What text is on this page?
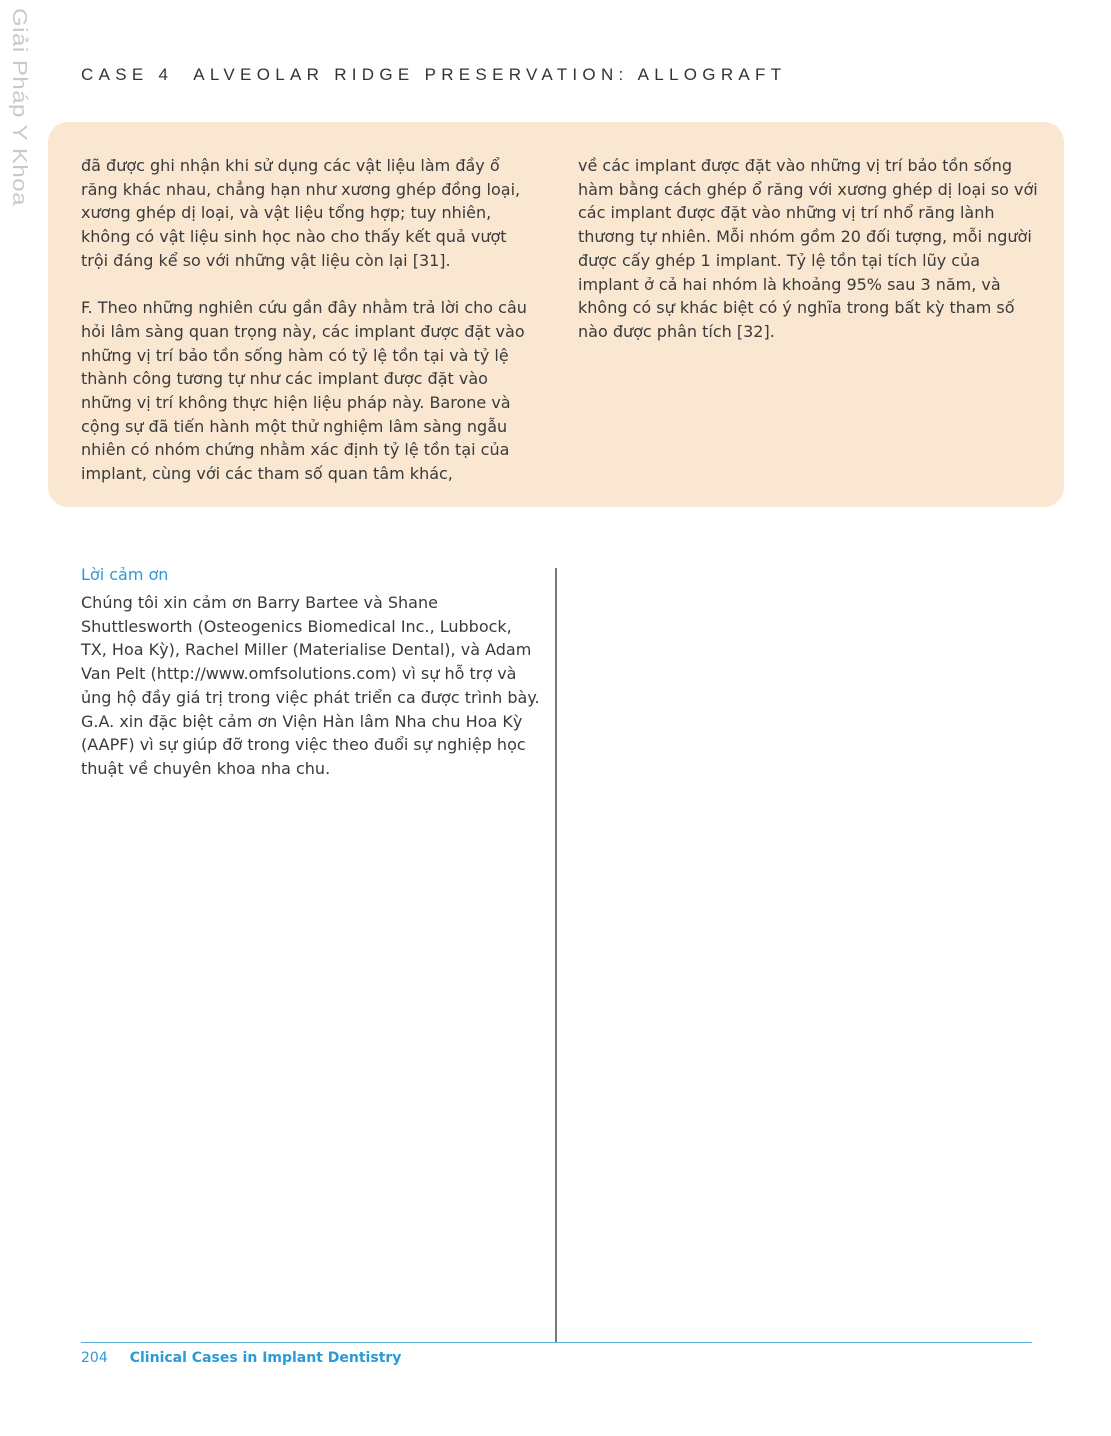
Giải Pháp Y Khoa	CASE 4 ALVEOLAR RIDGE PRESERVATION: ALLOGRAFT

đã được ghi nhận khi sử dụng các vật liệu làm đầy ổ răng khác nhau, chẳng hạn như xương ghép đồng loại, xương ghép dị loại, và vật liệu tổng hợp; tuy nhiên, không có vật liệu sinh học nào cho thấy kết quả vượt trội đáng kể so với những vật liệu còn lại [31].

F. Theo những nghiên cứu gần đây nhằm trả lời cho câu hỏi lâm sàng quan trọng này, các implant được đặt vào những vị trí bảo tồn sống hàm có tỷ lệ tồn tại và tỷ lệ thành công tương tự như các implant được đặt vào những vị trí không thực hiện liệu pháp này. Barone và cộng sự đã tiến hành một thử nghiệm lâm sàng ngẫu nhiên có nhóm chứng nhằm xác định tỷ lệ tồn tại của implant, cùng với các tham số quan tâm khác,

về các implant được đặt vào những vị trí bảo tồn sống hàm bằng cách ghép ổ răng với xương ghép dị loại so với các implant được đặt vào những vị trí nhổ răng lành thương tự nhiên. Mỗi nhóm gồm 20 đối tượng, mỗi người được cấy ghép 1 implant. Tỷ lệ tồn tại tích lũy của implant ở cả hai nhóm là khoảng 95% sau 3 năm, và không có sự khác biệt có ý nghĩa trong bất kỳ tham số nào được phân tích [32].

Lời cảm ơn
Chúng tôi xin cảm ơn Barry Bartee và Shane Shuttlesworth (Osteogenics Biomedical Inc., Lubbock, TX, Hoa Kỳ), Rachel Miller (Materialise Dental), và Adam Van Pelt (http://www.omfsolutions.com) vì sự hỗ trợ và ủng hộ đầy giá trị trong việc phát triển ca được trình bày. G.A. xin đặc biệt cảm ơn Viện Hàn lâm Nha chu Hoa Kỳ (AAPF) vì sự giúp đỡ trong việc theo đuổi sự nghiệp học thuật về chuyên khoa nha chu.
204 Clinical Cases in Implant Dentistry
